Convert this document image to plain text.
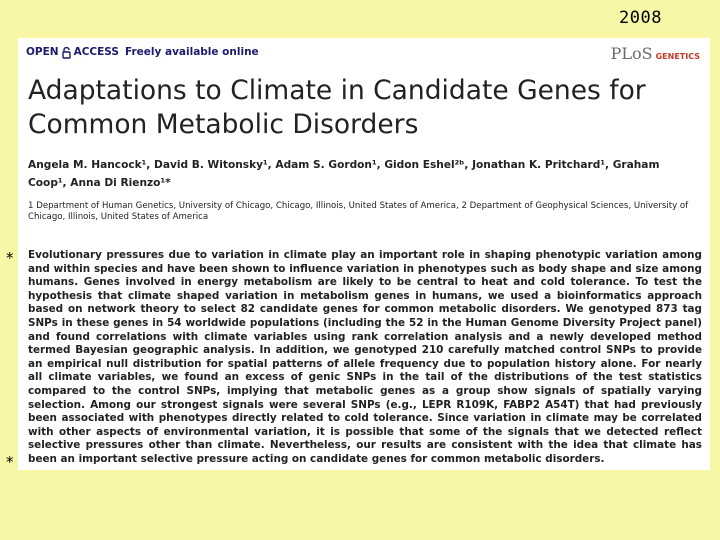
2008
*
*
OPEN ACCESS Freely available online	PLoS GENETICS
Adaptations to Climate in Candidate Genes for Common Metabolic Disorders
Angela M. Hancock¹, David B. Witonsky¹, Adam S. Gordon¹, Gidon Eshel²ᵇ, Jonathan K. Pritchard¹, Graham Coop¹, Anna Di Rienzo¹*
1 Department of Human Genetics, University of Chicago, Chicago, Illinois, United States of America, 2 Department of Geophysical Sciences, University of Chicago, Illinois, United States of America

Evolutionary pressures due to variation in climate play an important role in shaping phenotypic variation among and within species and have been shown to influence variation in phenotypes such as body shape and size among humans. Genes involved in energy metabolism are likely to be central to heat and cold tolerance. To test the hypothesis that climate shaped variation in metabolism genes in humans, we used a bioinformatics approach based on network theory to select 82 candidate genes for common metabolic disorders. We genotyped 873 tag SNPs in these genes in 54 worldwide populations (including the 52 in the Human Genome Diversity Project panel) and found correlations with climate variables using rank correlation analysis and a newly developed method termed Bayesian geographic analysis. In addition, we genotyped 210 carefully matched control SNPs to provide an empirical null distribution for spatial patterns of allele frequency due to population history alone. For nearly all climate variables, we found an excess of genic SNPs in the tail of the distributions of the test statistics compared to the control SNPs, implying that metabolic genes as a group show signals of spatially varying selection. Among our strongest signals were several SNPs (e.g., LEPR R109K, FABP2 A54T) that had previously been associated with phenotypes directly related to cold tolerance. Since variation in climate may be correlated with other aspects of environmental variation, it is possible that some of the signals that we detected reflect selective pressures other than climate. Nevertheless, our results are consistent with the idea that climate has been an important selective pressure acting on candidate genes for common metabolic disorders.
